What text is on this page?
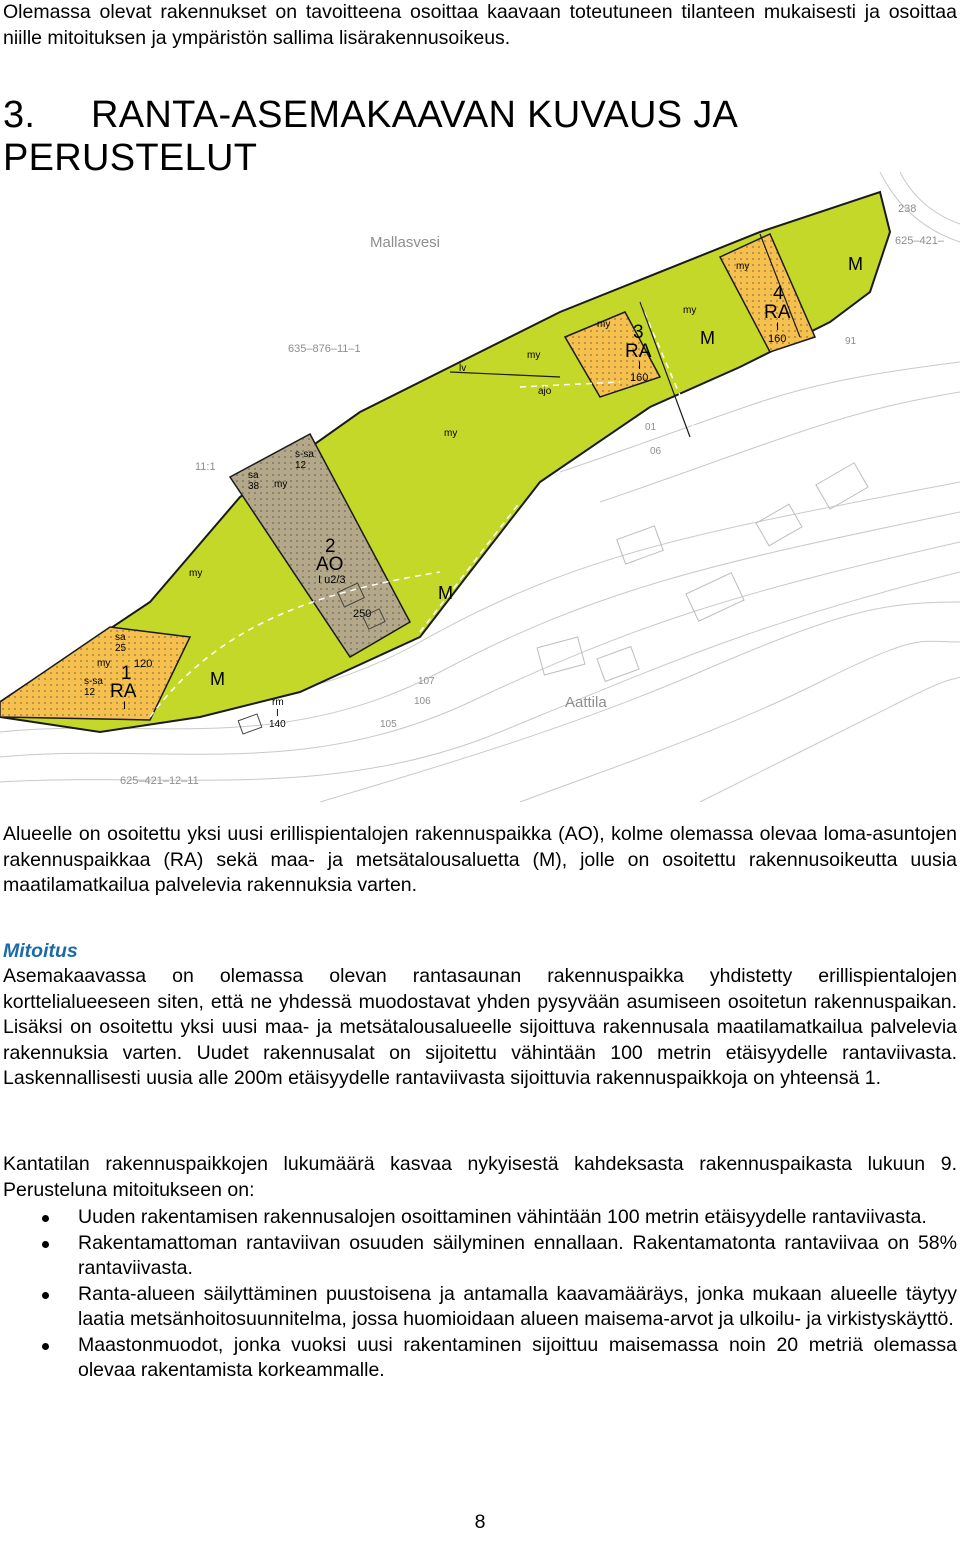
Olemassa olevat rakennukset on tavoitteena osoittaa kaavaan toteutuneen tilanteen mukaisesti ja osoittaa niille mitoituksen ja ympäristön sallima lisärakennusoikeus.

3. RANTA-ASEMAKAAVAN KUVAUS JA PERUSTELUT
Mallasvesi
Aattila
635–876–11–1
625–421–
625–421–12–11
11:1
238
105
106
107
01
06
91
M
M
M
M
4
RA
I
160
3
RA
I
160
2
AO
I u2/3
250
1
RA
I
120
my
my
my
my
my
my
my
my
lv
ajo
sa
38
s-sa
12
sa
25
s-sa
12
rm
I
140

Alueelle on osoitettu yksi uusi erillispientalojen rakennuspaikka (AO), kolme olemassa olevaa loma-asuntojen rakennuspaikkaa (RA) sekä maa- ja metsätalousaluetta (M), jolle on osoitettu rakennusoikeutta uusia maatilamatkailua palvelevia rakennuksia varten.

Mitoitus

Asemakaavassa on olemassa olevan rantasaunan rakennuspaikka yhdistetty erillispientalojen korttelialueeseen siten, että ne yhdessä muodostavat yhden pysyvään asumiseen osoitetun rakennuspaikan. Lisäksi on osoitettu yksi uusi maa- ja metsätalousalueelle sijoittuva rakennusala maatilamatkailua palvelevia rakennuksia varten. Uudet rakennusalat on sijoitettu vähintään 100 metrin etäisyydelle rantaviivasta. Laskennallisesti uusia alle 200m etäisyydelle rantaviivasta sijoittuvia rakennuspaikkoja on yhteensä 1.

Kantatilan rakennuspaikkojen lukumäärä kasvaa nykyisestä kahdeksasta rakennuspaikasta lukuun 9. Perusteluna mitoitukseen on:

Uuden rakentamisen rakennusalojen osoittaminen vähintään 100 metrin etäisyydelle rantaviivasta.
Rakentamattoman rantaviivan osuuden säilyminen ennallaan. Rakentamatonta rantaviivaa on 58% rantaviivasta.
Ranta-alueen säilyttäminen puustoisena ja antamalla kaavamääräys, jonka mukaan alueelle täytyy laatia metsänhoitosuunnitelma, jossa huomioidaan alueen maisema-arvot ja ulkoilu- ja virkistyskäyttö.
Maastonmuodot, jonka vuoksi uusi rakentaminen sijoittuu maisemassa noin 20 metriä olemassa olevaa rakentamista korkeammalle.
8
